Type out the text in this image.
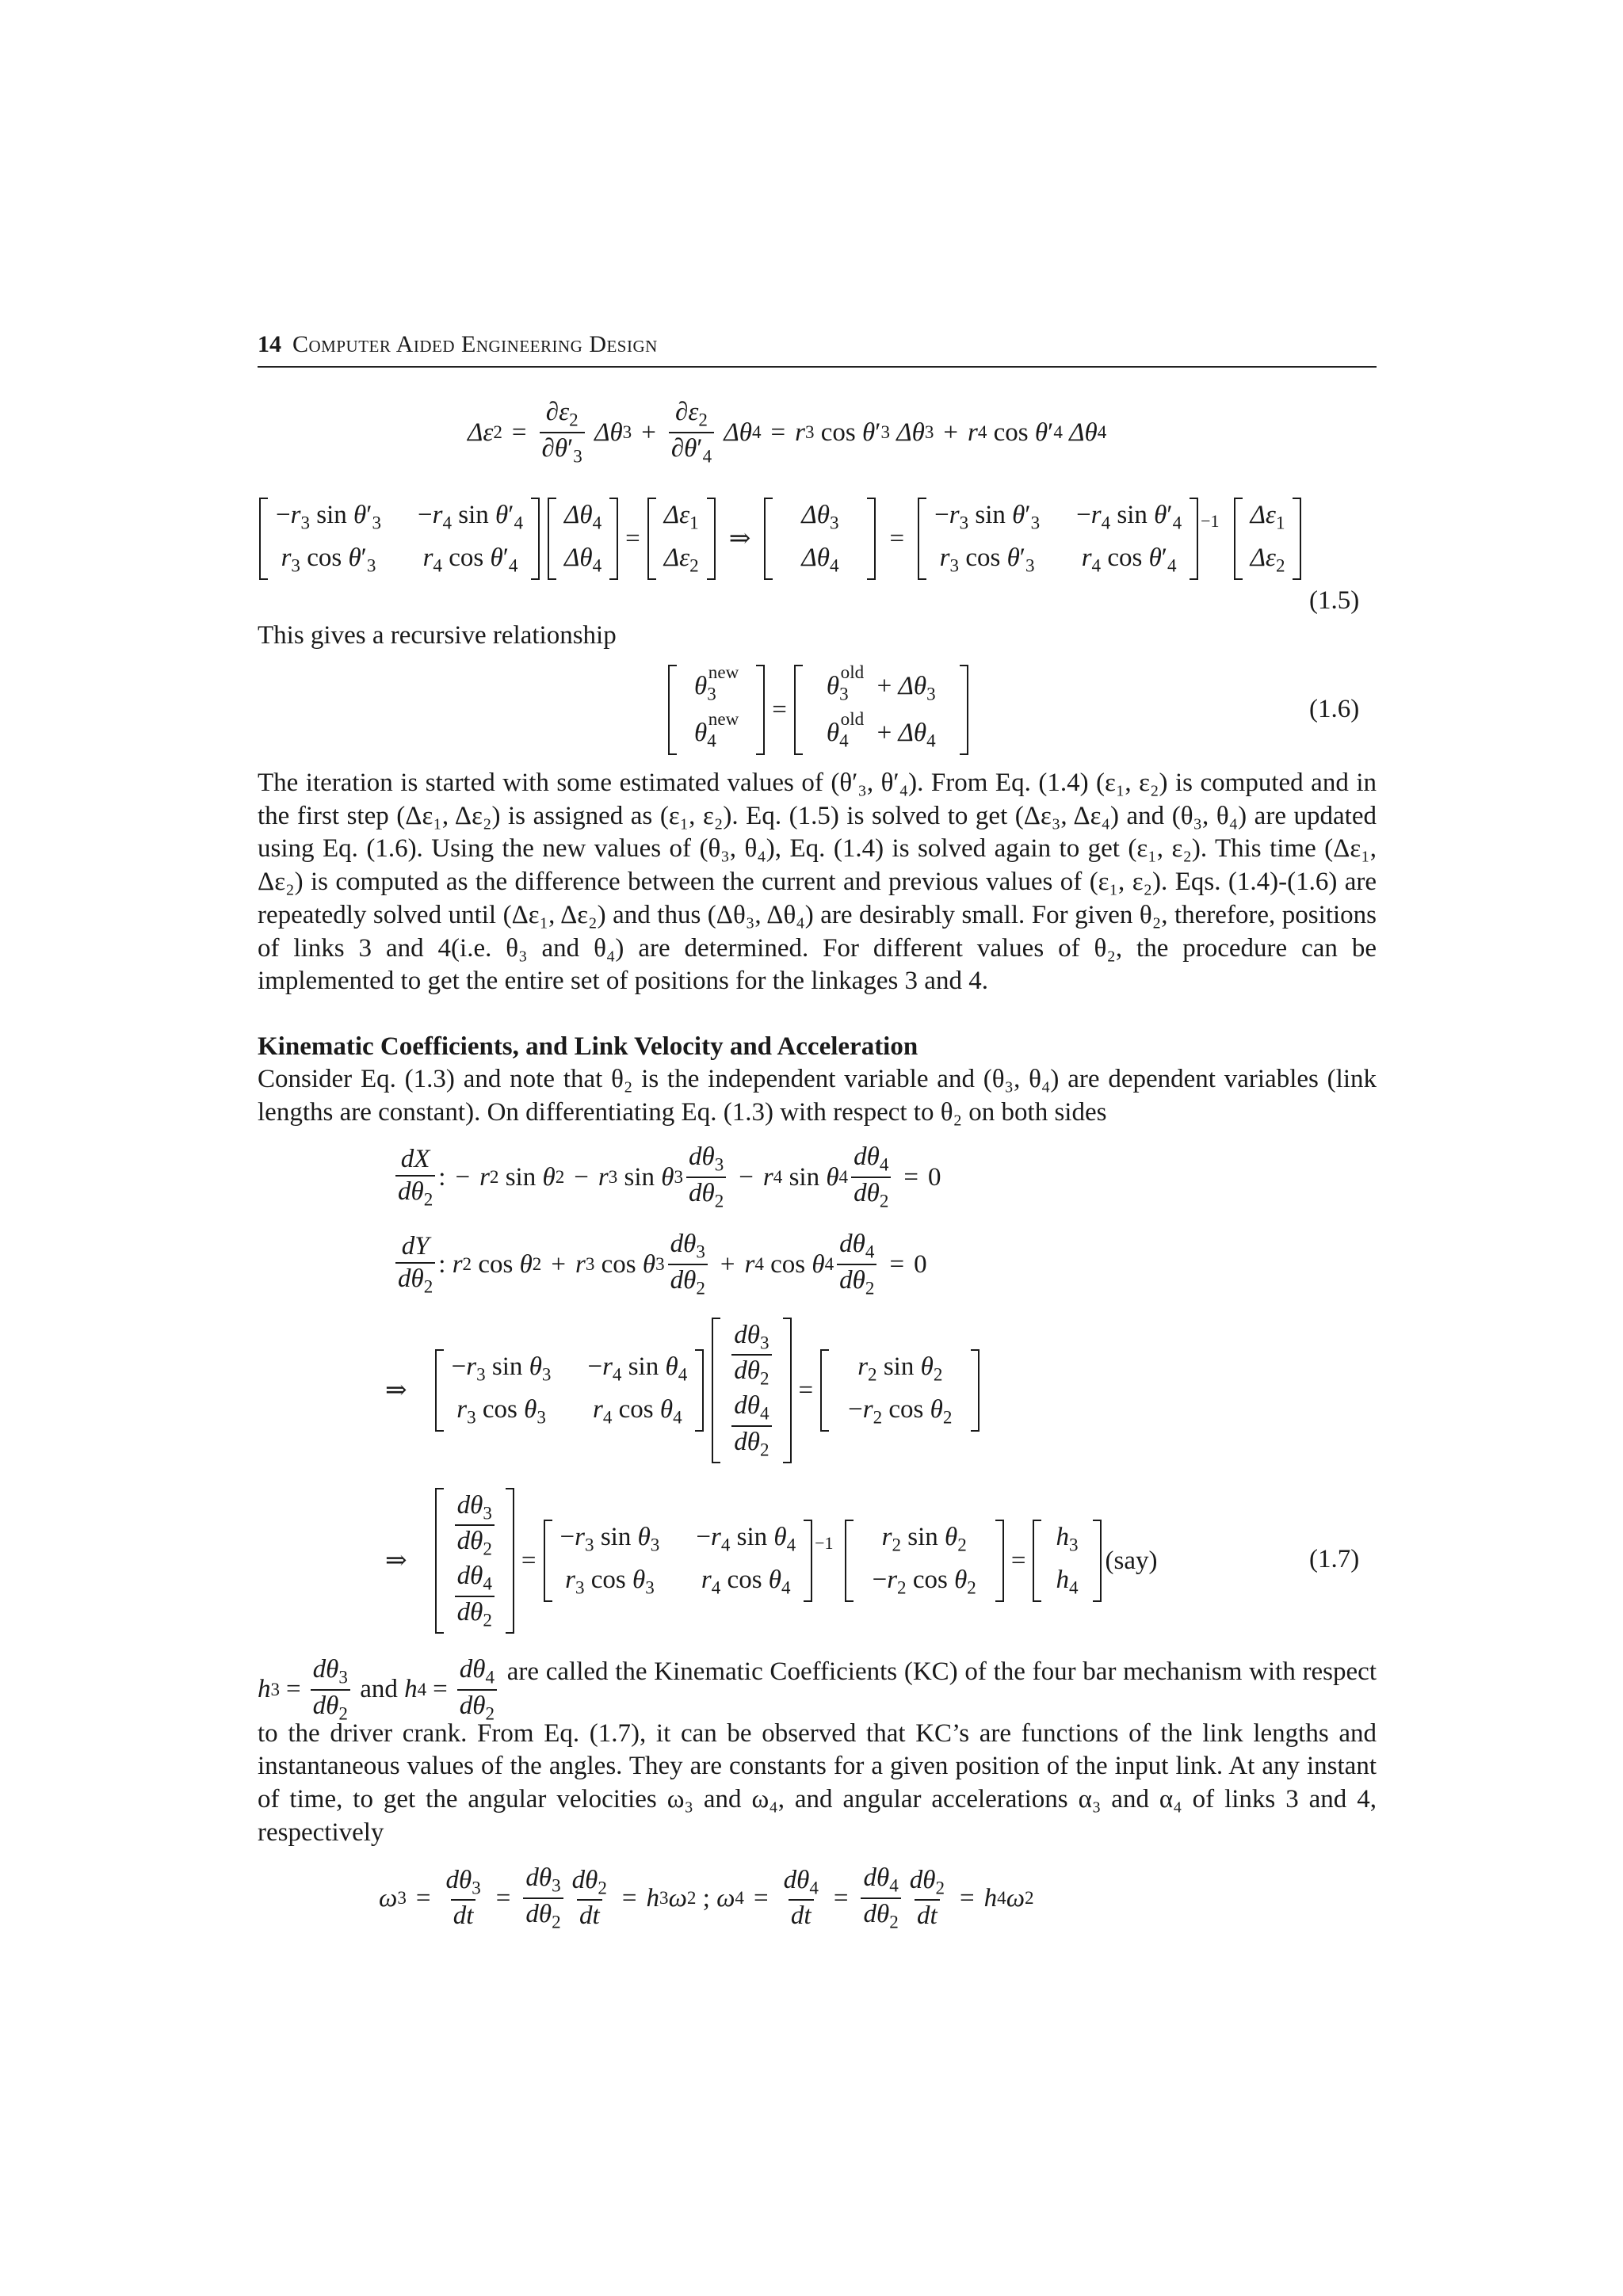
14 Computer Aided Engineering Design
Δε $2 = \frac{\partial\varepsilon_2}{\partial\theta'_3}$ Δθ $3 + \frac{\partial\varepsilon_2}{\partial\theta'_4}$ Δθ 4 = r 3 cos θ ′ 3
Δθ 3 + r 4 cos θ ′ 4
Δθ 4
$-r_3$ $\sin \theta'_3 -r_4$ $\sin \theta'_4$
$r_3$ $\cos \theta'_3$ $r_4$ $\cos \theta'_4$
$\Delta\theta_4$
$\Delta\theta_4$
=
$\Delta\varepsilon_1$
$\Delta\varepsilon_2$
⇒
$\Delta\theta_3$
$\Delta\theta_4$
=
$-r_3$ $\sin \theta'_3 -r_4$ $\sin \theta'_4$
$r_3$ $\cos \theta'_3$ $r_4$ $\cos \theta'_4$
−1 $\Delta\varepsilon_1$
$\Delta\varepsilon_2$
(1.5)
This gives a recursive relationship
$\theta_3^{new}$
$\theta_4^{new}$ =
$\theta_3^{old} + \Delta\theta_3$
$\theta_4^{old} + \Delta\theta_4$
(1.6)

The iteration is started with some estimated values of (θ′₃, θ′₄). From Eq. (1.4) (ε₁, ε₂) is computed and in the first step (Δε₁, Δε₂) is assigned as (ε₁, ε₂). Eq. (1.5) is solved to get (Δε₃, Δε₄) and (θ₃, θ₄) are updated using Eq. (1.6). Using the new values of (θ₃, θ₄), Eq. (1.4) is solved again to get (ε₁, ε₂). This time (Δε₁, Δε₂) is computed as the difference between the current and previous values of (ε₁, ε₂). Eqs. (1.4)-(1.6) are repeatedly solved until (Δε₁, Δε₂) and thus (Δθ₃, Δθ₄) are desirably small. For given θ₂, therefore, positions of links 3 and 4(i.e. θ₃ and θ₄) are determined. For different values of θ₂, the procedure can be implemented to get the entire set of positions for the linkages 3 and 4.

Kinematic Coefficients, and Link Velocity and Acceleration

Consider Eq. (1.3) and note that θ₂ is the independent variable and (θ₃, θ₄) are dependent variables (link lengths are constant). On differentiating Eq. (1.3) with respect to θ₂ on both sides

$\frac{dX}{d\theta_2}$ : − r 2 sin θ 2 − r 3 sin θ $3 \frac{d\theta_3}{d\theta_2} - r$ 4 sin θ $4 \frac{d\theta_4}{d\theta_2} = 0$
$\frac{dY}{d\theta_2}$ : r 2 cos θ 2 + r 3 cos θ $3 \frac{d\theta_3}{d\theta_2} + r$ 4 cos θ $4 \frac{d\theta_4}{d\theta_2} = 0$
⇒
$-r_3$ $\sin \theta_3 -r_4$ $\sin \theta_4$
$r_3$ $\cos \theta_3$ $r_4$ $\cos \theta_4$
$\frac{d\theta_3}{d\theta_2}$
$\frac{d\theta_4}{d\theta_2}$
=
$r_2$ $\sin \theta_2$
$-r_2$ $\cos \theta_2$
⇒
$\frac{d\theta_3}{d\theta_2}$
$\frac{d\theta_4}{d\theta_2}$
=
$-r_3$ $\sin \theta_3 -r_4$ $\sin \theta_4$
$r_3$ $\cos \theta_3$ $r_4$ $\cos \theta_4$
−1 $r_2$ $\sin \theta_2$
$-r_2$ $\cos \theta_2$
=
$h_3$
$h_4$
(say)	(1.7)

h $3 = \frac{d\theta_3}{d\theta_2}$ and h $4 = \frac{d\theta_4}{d\theta_2}$ are called the Kinematic Coefficients (KC) of the four bar mechanism with respect to the driver crank. From Eq. (1.7), it can be observed that KC’s are functions of the link lengths and instantaneous values of the angles. They are constants for a given position of the input link. At any instant of time, to get the angular velocities ω₃ and ω₄, and angular accelerations α₃ and α₄ of links 3 and 4, respectively

ω $3 = \frac{d\theta_3}{dt} = \frac{d\theta_3}{d\theta_2} \frac{d\theta_2}{dt} = h$ 3 ω 2 ; ω $4 = \frac{d\theta_4}{dt} = \frac{d\theta_4}{d\theta_2} \frac{d\theta_2}{dt} = h$ 4 ω 2
